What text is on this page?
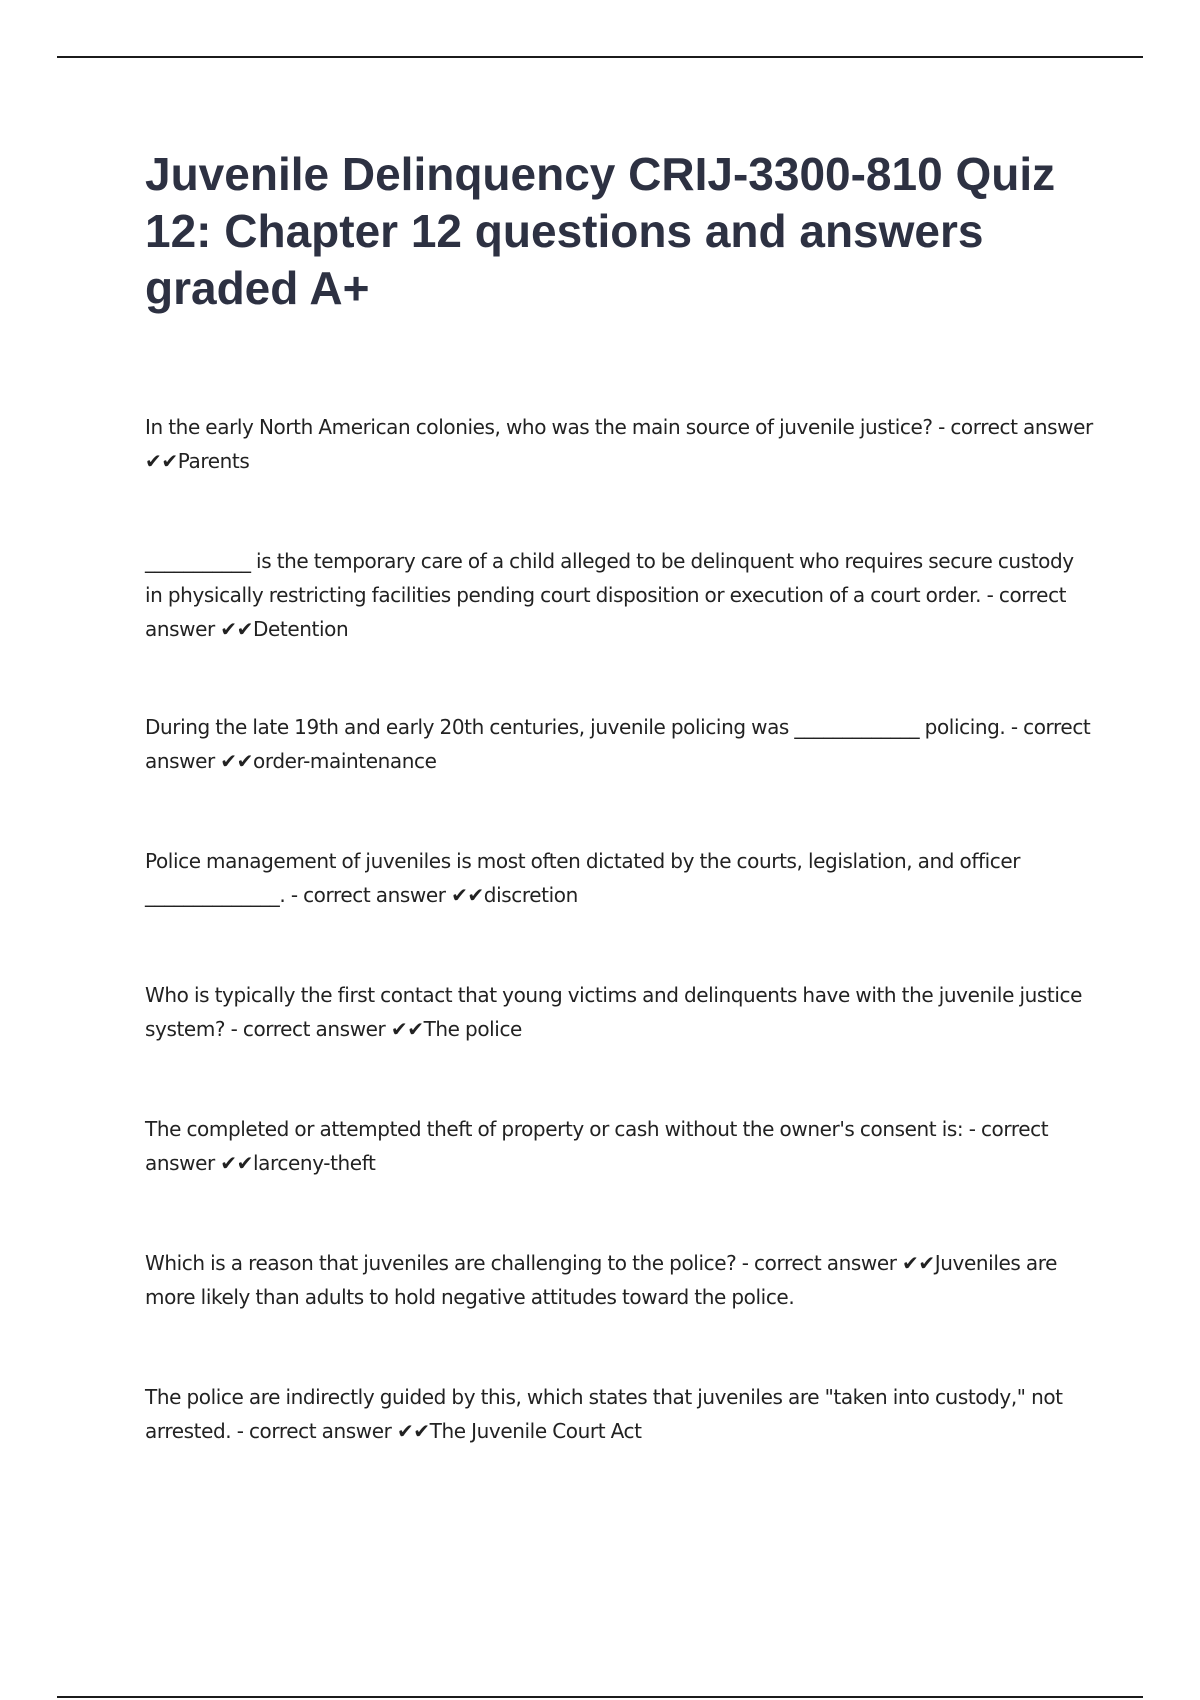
Juvenile Delinquency CRIJ-3300-810 Quiz 12: Chapter 12 questions and answers graded A+

In the early North American colonies, who was the main source of juvenile justice? - correct answer ✔✔Parents

___________ is the temporary care of a child alleged to be delinquent who requires secure custody in physically restricting facilities pending court disposition or execution of a court order. - correct answer ✔✔Detention

During the late 19th and early 20th centuries, juvenile policing was _____________ policing. - correct answer ✔✔order-maintenance

Police management of juveniles is most often dictated by the courts, legislation, and officer ______________. - correct answer ✔✔discretion

Who is typically the first contact that young victims and delinquents have with the juvenile justice system? - correct answer ✔✔The police

The completed or attempted theft of property or cash without the owner's consent is: - correct answer ✔✔larceny-theft

Which is a reason that juveniles are challenging to the police? - correct answer ✔✔Juveniles are more likely than adults to hold negative attitudes toward the police.

The police are indirectly guided by this, which states that juveniles are "taken into custody," not arrested. - correct answer ✔✔The Juvenile Court Act
